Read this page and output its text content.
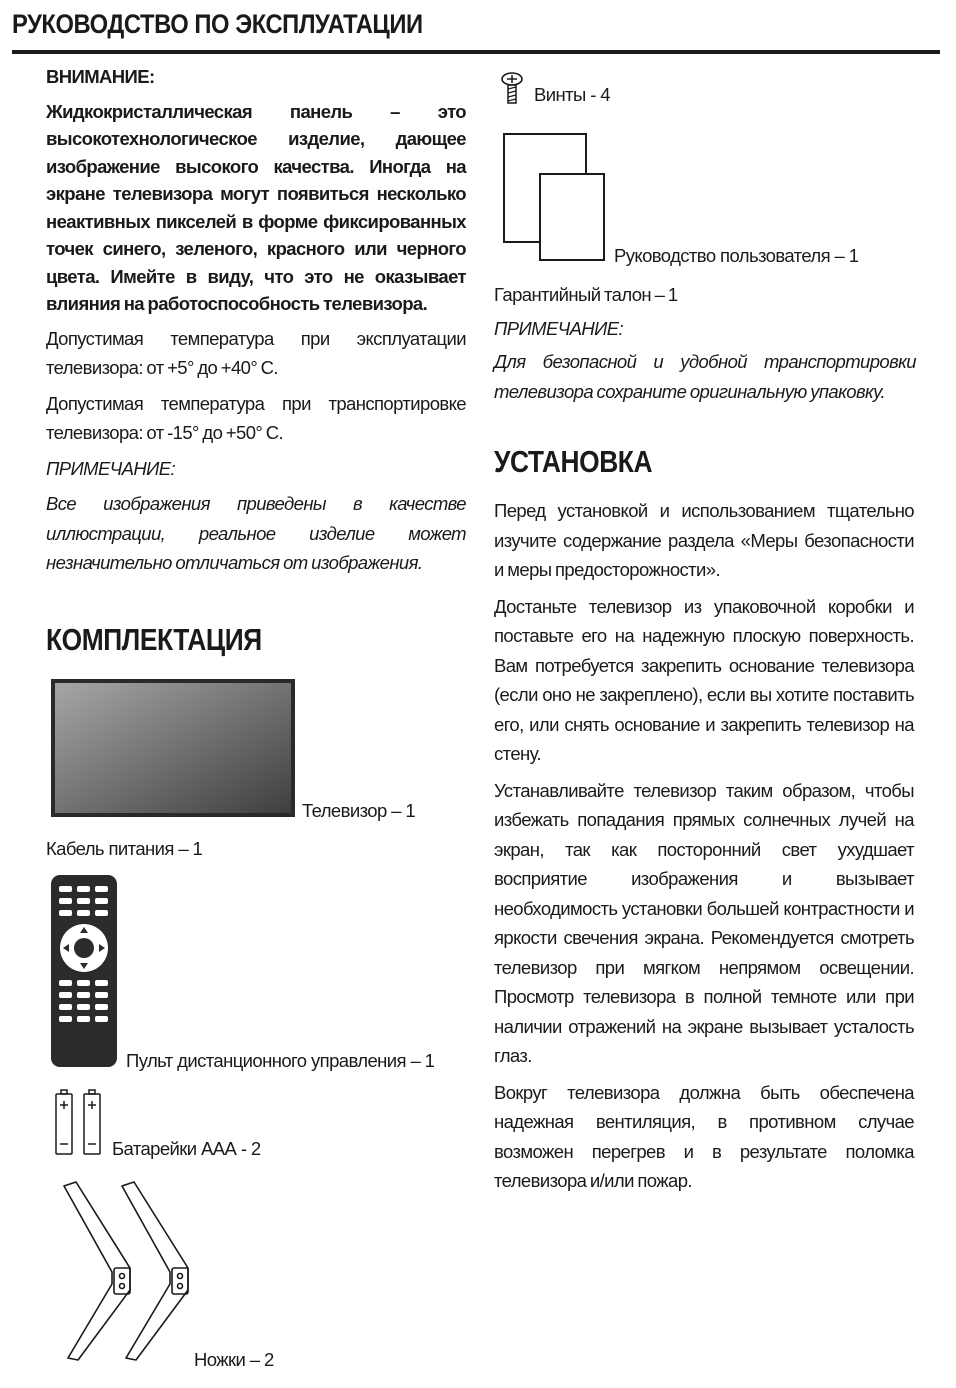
РУКОВОДСТВО ПО ЭКСПЛУАТАЦИИ

ВНИМАНИЕ:

Жидкокристаллическая панель – это высокотехнологическое изделие, дающее изображение высокого качества. Иногда на экране телевизора могут появиться несколько неактивных пикселей в форме фиксированных точек синего, зеленого, красного или черного цвета. Имейте в виду, что это не оказывает влияния на работоспособность телевизора.

Допустимая температура при эксплуатации телевизора: от +5° до +40° С.

Допустимая температура при транспортировке телевизора: от -15° до +50° С.

ПРИМЕЧАНИЕ:

Все изображения приведены в качестве иллюстрации, реальное изделие может незначительно отличаться от изображения.

КОМПЛЕКТАЦИЯ
Телевизор – 1
Кабель питания – 1
Пульт дистанционного управления – 1
Батарейки ААА - 2
Ножки – 2
Винты - 4
Руководство пользователя – 1

Гарантийный талон – 1

ПРИМЕЧАНИЕ:

Для безопасной и удобной транспортировки телевизора сохраните оригинальную упаковку.

УСТАНОВКА

Перед установкой и использованием тщательно изучите содержание раздела «Меры безопасности и меры предосторожности».

Достаньте телевизор из упаковочной коробки и поставьте его на надежную плоскую поверхность. Вам потребуется закрепить основание телевизора (если оно не закреплено), если вы хотите поставить его, или снять основание и закрепить телевизор на стену.

Устанавливайте телевизор таким образом, чтобы избежать попадания прямых солнечных лучей на экран, так как посторонний свет ухудшает восприятие изображения и вызывает необходимость установки большей контрастности и яркости свечения экрана. Рекомендуется смотреть телевизор при мягком непрямом освещении. Просмотр телевизора в полной темноте или при наличии отражений на экране вызывает усталость глаз.

Вокруг телевизора должна быть обеспечена надежная вентиляция, в противном случае возможен перегрев и в результате поломка телевизора и/или пожар.
